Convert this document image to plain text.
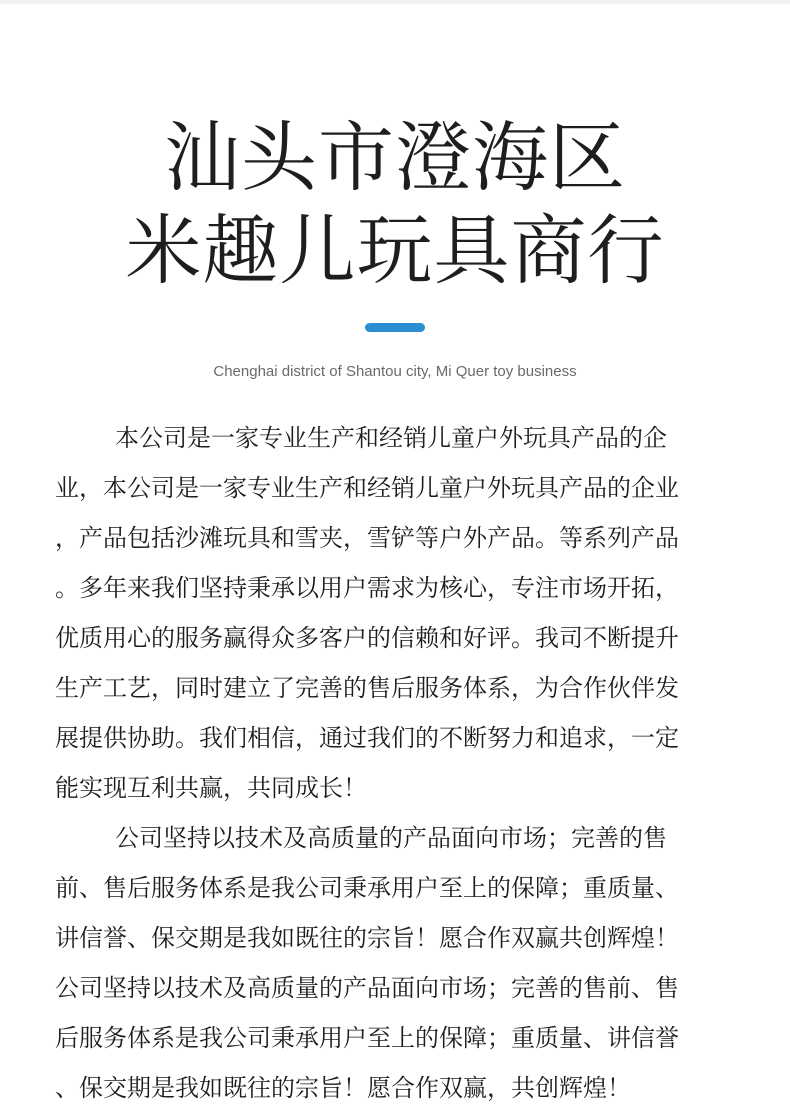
汕头市澄海区
米趣儿玩具商行
Chenghai district of Shantou city, Mi Quer toy business
本公司是一家专业生产和经销儿童户外玩具产品的企
业，本公司是一家专业生产和经销儿童户外玩具产品的企业
，产品包括沙滩玩具和雪夹，雪铲等户外产品。等系列产品
。多年来我们坚持秉承以用户需求为核心，专注市场开拓，
优质用心的服务赢得众多客户的信赖和好评。我司不断提升
生产工艺，同时建立了完善的售后服务体系，为合作伙伴发
展提供协助。我们相信，通过我们的不断努力和追求，一定
能实现互利共赢，共同成长！
公司坚持以技术及高质量的产品面向市场；完善的售
前、售后服务体系是我公司秉承用户至上的保障；重质量、
讲信誉、保交期是我如既往的宗旨！愿合作双赢共创辉煌！
公司坚持以技术及高质量的产品面向市场；完善的售前、售
后服务体系是我公司秉承用户至上的保障；重质量、讲信誉
、保交期是我如既往的宗旨！愿合作双赢，共创辉煌！
